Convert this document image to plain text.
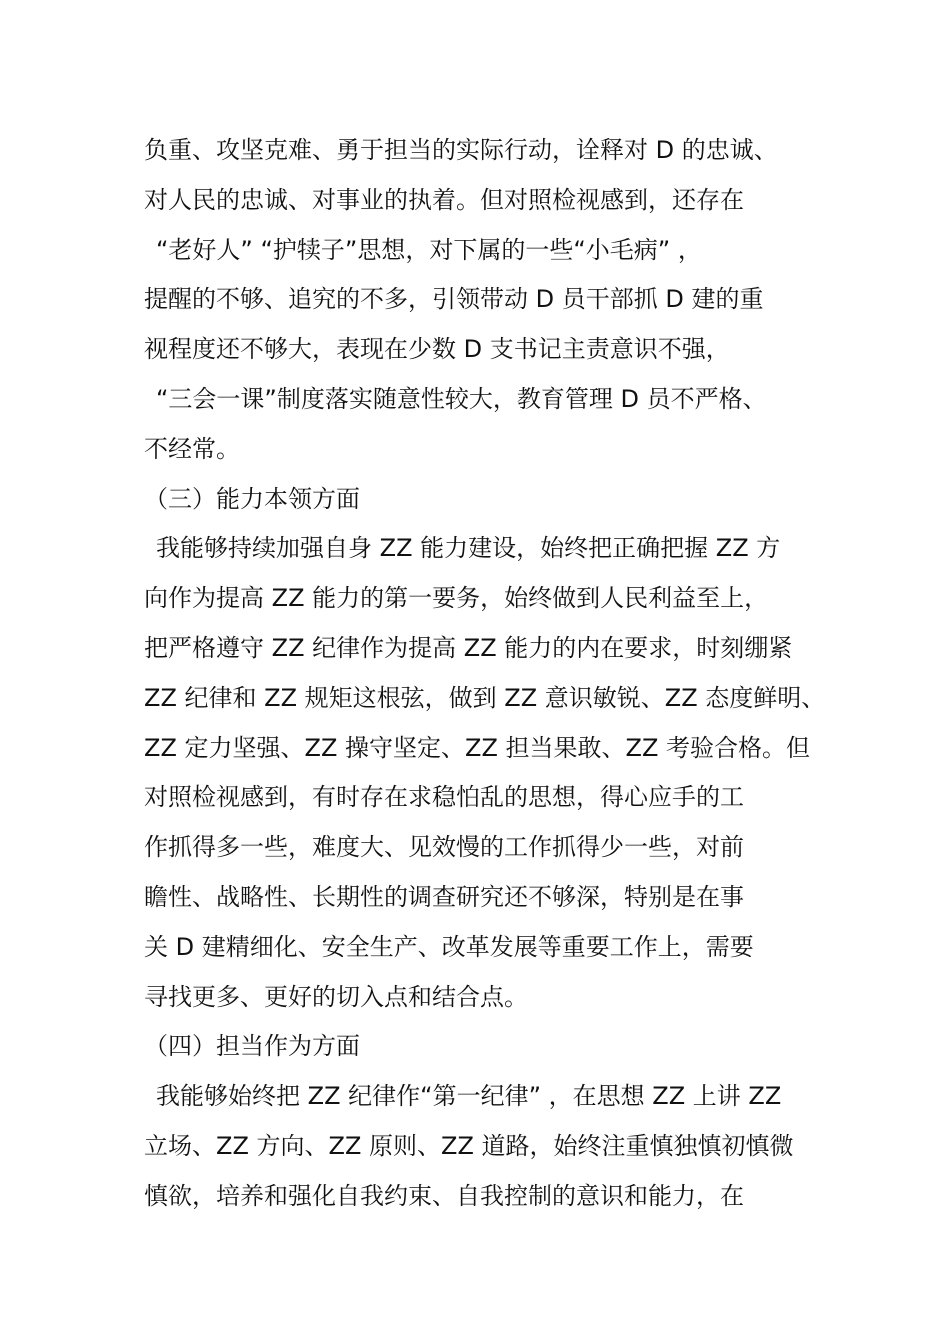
负重、攻坚克难、勇于担当的实际行动，诠释对 D 的忠诚、
对人民的忠诚、对事业的执着。但对照检视感到，还存在
“老好人” “护犊子”思想，对下属的一些“小毛病” ，
提醒的不够、追究的不多，引领带动 D 员干部抓 D 建的重
视程度还不够大，表现在少数 D 支书记主责意识不强，
“三会一课”制度落实随意性较大，教育管理 D 员不严格、
不经常。
（三）能力本领方面
我能够持续加强自身 ZZ 能力建设，始终把正确把握 ZZ 方
向作为提高 ZZ 能力的第一要务，始终做到人民利益至上，
把严格遵守 ZZ 纪律作为提高 ZZ 能力的内在要求，时刻绷紧
ZZ 纪律和 ZZ 规矩这根弦，做到 ZZ 意识敏锐、ZZ 态度鲜明、
ZZ 定力坚强、ZZ 操守坚定、ZZ 担当果敢、ZZ 考验合格。但
对照检视感到，有时存在求稳怕乱的思想，得心应手的工
作抓得多一些，难度大、见效慢的工作抓得少一些，对前
瞻性、战略性、长期性的调查研究还不够深，特别是在事
关 D 建精细化、安全生产、改革发展等重要工作上，需要
寻找更多、更好的切入点和结合点。
（四）担当作为方面
我能够始终把 ZZ 纪律作“第一纪律” ，在思想 ZZ 上讲 ZZ
立场、ZZ 方向、ZZ 原则、ZZ 道路，始终注重慎独慎初慎微
慎欲，培养和强化自我约束、自我控制的意识和能力，在
